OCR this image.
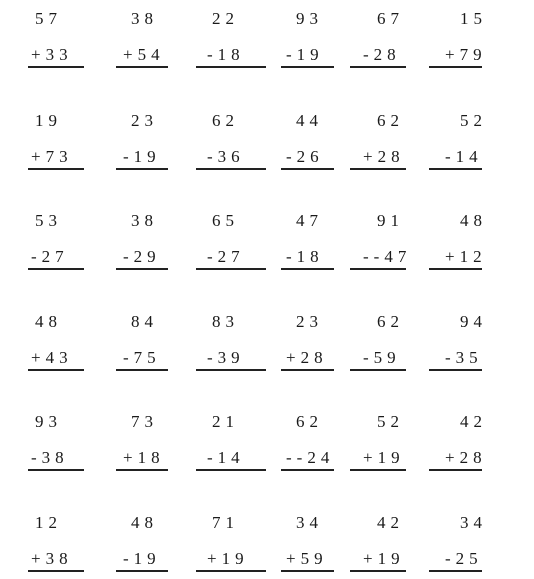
57
+33
38
+54
22
-18
93
-19
67
-28
15
+79
19
+73
23
-19
62
-36
44
-26
62
+28
52
-14
53
-27
38
-29
65
-27
47
-18
91
--47
48
+12
48
+43
84
-75
83
-39
23
+28
62
-59
94
-35
93
-38
73
+18
21
-14
62
--24
52
+19
42
+28
12
+38
48
-19
71
+19
34
+59
42
+19
34
-25
